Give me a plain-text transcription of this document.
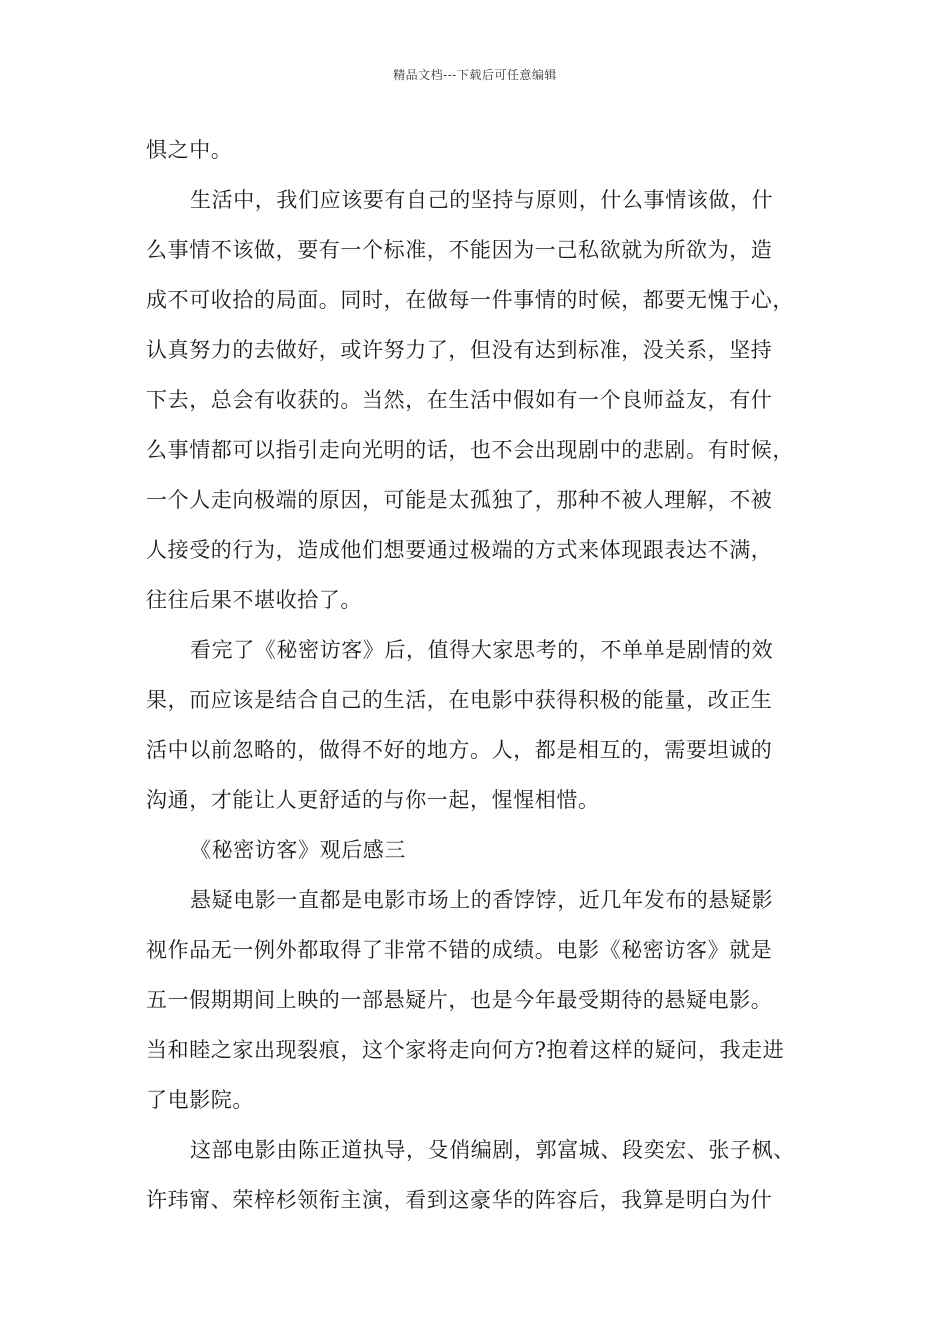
精品文档---下载后可任意编辑
惧之中。
生活中，我们应该要有自己的坚持与原则，什么事情该做，什
么事情不该做，要有一个标准，不能因为一己私欲就为所欲为，造
成不可收拾的局面。同时，在做每一件事情的时候，都要无愧于心，
认真努力的去做好，或许努力了，但没有达到标准，没关系，坚持
下去，总会有收获的。当然，在生活中假如有一个良师益友，有什
么事情都可以指引走向光明的话，也不会出现剧中的悲剧。有时候，
一个人走向极端的原因，可能是太孤独了，那种不被人理解，不被
人接受的行为，造成他们想要通过极端的方式来体现跟表达不满，
往往后果不堪收拾了。
看完了《秘密访客》后，值得大家思考的，不单单是剧情的效
果，而应该是结合自己的生活，在电影中获得积极的能量，改正生
活中以前忽略的，做得不好的地方。人，都是相互的，需要坦诚的
沟通，才能让人更舒适的与你一起，惺惺相惜。
《秘密访客》观后感三
悬疑电影一直都是电影市场上的香饽饽，近几年发布的悬疑影
视作品无一例外都取得了非常不错的成绩。电影《秘密访客》就是
五一假期期间上映的一部悬疑片，也是今年最受期待的悬疑电影。
当和睦之家出现裂痕，这个家将走向何方?抱着这样的疑问，我走进
了电影院。
这部电影由陈正道执导，殳俏编剧，郭富城、段奕宏、张子枫、
许玮甯、荣梓杉领衔主演，看到这豪华的阵容后，我算是明白为什
